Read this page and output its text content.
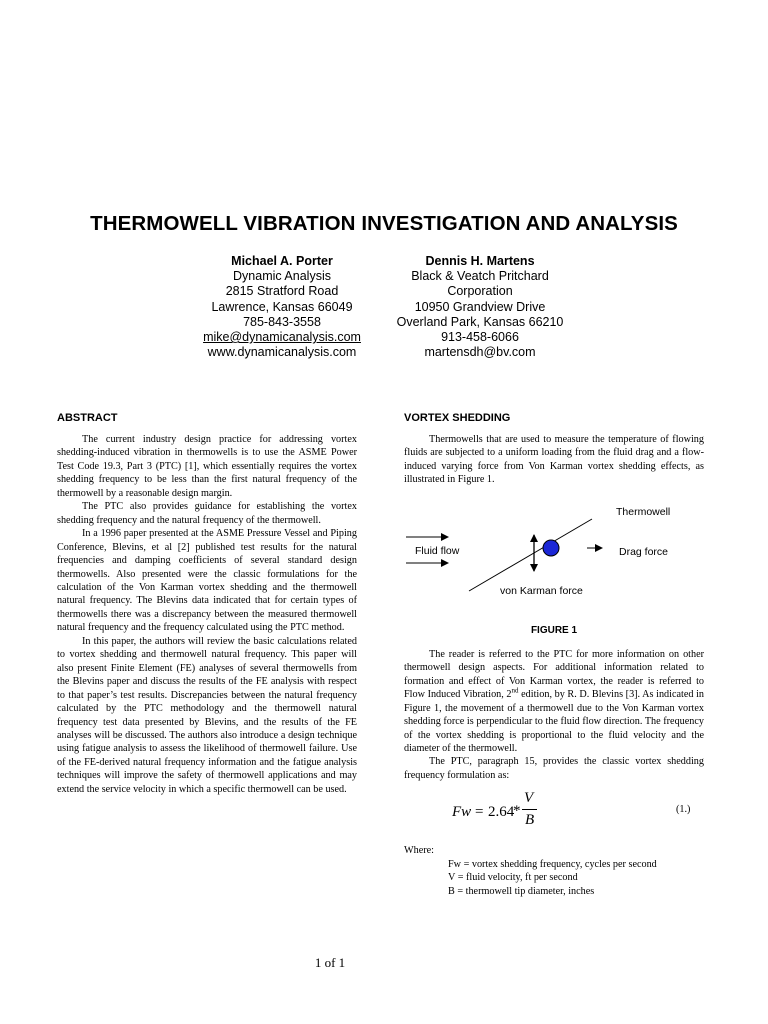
THERMOWELL VIBRATION INVESTIGATION AND ANALYSIS
Michael A. Porter
Dynamic Analysis
2815 Stratford Road
Lawrence, Kansas 66049
785-843-3558
mike@dynamicanalysis.com
www.dynamicanalysis.com
Dennis H. Martens
Black & Veatch Pritchard
Corporation
10950 Grandview Drive
Overland Park, Kansas 66210
913-458-6066
martensdh@bv.com
ABSTRACT

The current industry design practice for addressing vortex shedding-induced vibration in thermowells is to use the ASME Power Test Code 19.3, Part 3 (PTC) [1], which essentially requires the vortex shedding frequency to be less than the first natural frequency of the thermowell by a reasonable design margin.

The PTC also provides guidance for establishing the vortex shedding frequency and the natural frequency of the thermowell.

In a 1996 paper presented at the ASME Pressure Vessel and Piping Conference, Blevins, et al [2] published test results for the natural frequencies and damping coefficients of several standard design thermowells. Also presented were the classic formulations for the calculation of the Von Karman vortex shedding and the thermowell natural frequency. The Blevins data indicated that for certain types of thermowells there was a discrepancy between the measured thermowell natural frequency and the frequency calculated using the PTC method.

In this paper, the authors will review the basic calculations related to vortex shedding and thermowell natural frequency. This paper will also present Finite Element (FE) analyses of several thermowells from the Blevins paper and discuss the results of the FE analysis with respect to that paper’s test results. Discrepancies between the natural frequency calculated by the PTC methodology and the thermowell natural frequency test data presented by Blevins, and the results of the FE analyses will be discussed. The authors also introduce a design technique using fatigue analysis to assess the likelihood of thermowell failure. Use of the FE-derived natural frequency information and the fatigue analysis techniques will improve the safety of thermowell applications and may extend the service velocity in which a specific thermowell can be used.

VORTEX SHEDDING

Thermowells that are used to measure the temperature of flowing fluids are subjected to a uniform loading from the fluid drag and a flow-induced varying force from Von Karman vortex shedding effects, as illustrated in Figure 1.

Thermowell
Fluid flow	Drag force
von Karman force
FIGURE 1

The reader is referred to the PTC for more information on other thermowell design aspects. For additional information related to formation and effect of Von Karman vortex, the reader is referred to Flow Induced Vibration, 2nd edition, by R. D. Blevins [3]. As indicated in Figure 1, the movement of a thermowell due to the Von Karman vortex shedding force is perpendicular to the fluid flow direction. The frequency of the vortex shedding is proportional to the fluid velocity and the diameter of the thermowell.

The PTC, paragraph 15, provides the classic vortex shedding frequency formulation as:

Fw = 2.64
*
V
B
(1.)

Where:

Fw = vortex shedding frequency, cycles per second

V = fluid velocity, ft per second

B = thermowell tip diameter, inches

1 of 1
